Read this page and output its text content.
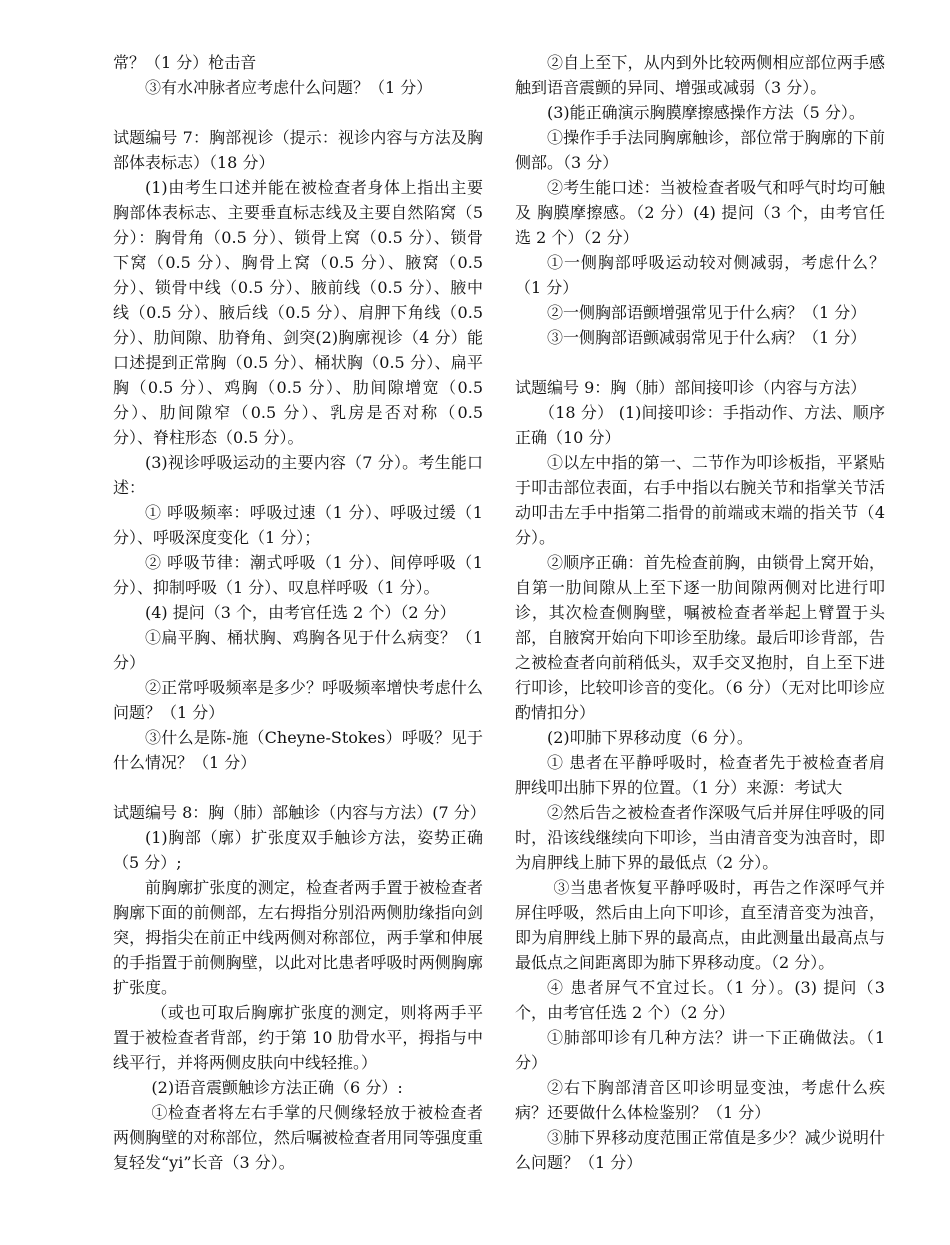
常？（1 分）枪击音

③有水冲脉者应考虑什么问题？（1 分）

试题编号 7：胸部视诊（提示：视诊内容与方法及胸部体表标志）（18 分）

(1)由考生口述并能在被检查者身体上指出主要胸部体表标志、主要垂直标志线及主要自然陷窝（5 分）：胸骨角（0.5 分）、锁骨上窝（0.5 分）、锁骨下窝（0.5 分）、胸骨上窝（0.5 分）、腋窝（0.5 分）、锁骨中线（0.5 分）、腋前线（0.5 分）、腋中线（0.5 分）、腋后线（0.5 分）、肩胛下角线（0.5 分）、肋间隙、肋脊角、剑突(2)胸廓视诊（4 分）能口述提到正常胸（0.5 分）、桶状胸（0.5 分）、扁平胸（0.5 分）、鸡胸（0.5 分）、肋间隙增宽（0.5 分）、肋间隙窄（0.5 分）、乳房是否对称（0.5 分）、脊柱形态（0.5 分）。

(3)视诊呼吸运动的主要内容（7 分）。考生能口述：

① 呼吸频率：呼吸过速（1 分）、呼吸过缓（1 分）、呼吸深度变化（1 分）；

② 呼吸节律：潮式呼吸（1 分）、间停呼吸（1 分）、抑制呼吸（1 分）、叹息样呼吸（1 分）。

(4) 提问（3 个，由考官任选 2 个）（2 分）

①扁平胸、桶状胸、鸡胸各见于什么病变？（1 分）

②正常呼吸频率是多少？呼吸频率增快考虑什么问题？（1 分）

③什么是陈-施（Cheyne-Stokes）呼吸？见于什么情况？（1 分）

试题编号 8：胸（肺）部触诊（内容与方法）(7 分）

(1)胸部（廓）扩张度双手触诊方法，姿势正确（5 分）;

前胸廓扩张度的测定，检查者两手置于被检查者胸廓下面的前侧部，左右拇指分别沿两侧肋缘指向剑突，拇指尖在前正中线两侧对称部位，两手掌和伸展的手指置于前侧胸壁，以此对比患者呼吸时两侧胸廓扩张度。

（或也可取后胸廓扩张度的测定，则将两手平置于被检查者背部，约于第 10 肋骨水平，拇指与中线平行，并将两侧皮肤向中线轻推。）

(2)语音震颤触诊方法正确（6 分）:

①检查者将左右手掌的尺侧缘轻放于被检查者两侧胸壁的对称部位，然后嘱被检查者用同等强度重复轻发“yi”长音（3 分）。

②自上至下，从内到外比较两侧相应部位两手感触到语音震颤的异同、增强或减弱（3 分）。

(3)能正确演示胸膜摩擦感操作方法（5 分）。

①操作手手法同胸廓触诊，部位常于胸廓的下前侧部。（3 分）

②考生能口述：当被检查者吸气和呼气时均可触及 胸膜摩擦感。（2 分）(4) 提问（3 个，由考官任选 2 个）（2 分）

①一侧胸部呼吸运动较对侧减弱，考虑什么？（1 分）

②一侧胸部语颤增强常见于什么病？（1 分）

③一侧胸部语颤减弱常见于什么病？（1 分）

试题编号 9：胸（肺）部间接叩诊（内容与方法）

（18 分） (1)间接叩诊：手指动作、方法、顺序正确（10 分）

①以左中指的第一、二节作为叩诊板指，平紧贴于叩击部位表面，右手中指以右腕关节和指掌关节活动叩击左手中指第二指骨的前端或末端的指关节（4 分）。

②顺序正确：首先检查前胸，由锁骨上窝开始，自第一肋间隙从上至下逐一肋间隙两侧对比进行叩诊，其次检查侧胸壁，嘱被检查者举起上臂置于头部，自腋窝开始向下叩诊至肋缘。最后叩诊背部，告之被检查者向前稍低头，双手交叉抱肘，自上至下进行叩诊，比较叩诊音的变化。（6 分）（无对比叩诊应酌情扣分）

(2)叩肺下界移动度（6 分）。

① 患者在平静呼吸时，检查者先于被检查者肩胛线叩出肺下界的位置。（1 分）来源：考试大

②然后告之被检查者作深吸气后并屏住呼吸的同时，沿该线继续向下叩诊，当由清音变为浊音时，即为肩胛线上肺下界的最低点（2 分）。

③当患者恢复平静呼吸时，再告之作深呼气并屏住呼吸，然后由上向下叩诊，直至清音变为浊音，即为肩胛线上肺下界的最高点，由此测量出最高点与最低点之间距离即为肺下界移动度。（2 分）。

④ 患者屏气不宜过长。（1 分）。(3) 提问（3 个，由考官任选 2 个）（2 分）

①肺部叩诊有几种方法？讲一下正确做法。（1 分）

②右下胸部清音区叩诊明显变浊，考虑什么疾病？还要做什么体检鉴别？（1 分）

③肺下界移动度范围正常值是多少？减少说明什么问题？（1 分）
